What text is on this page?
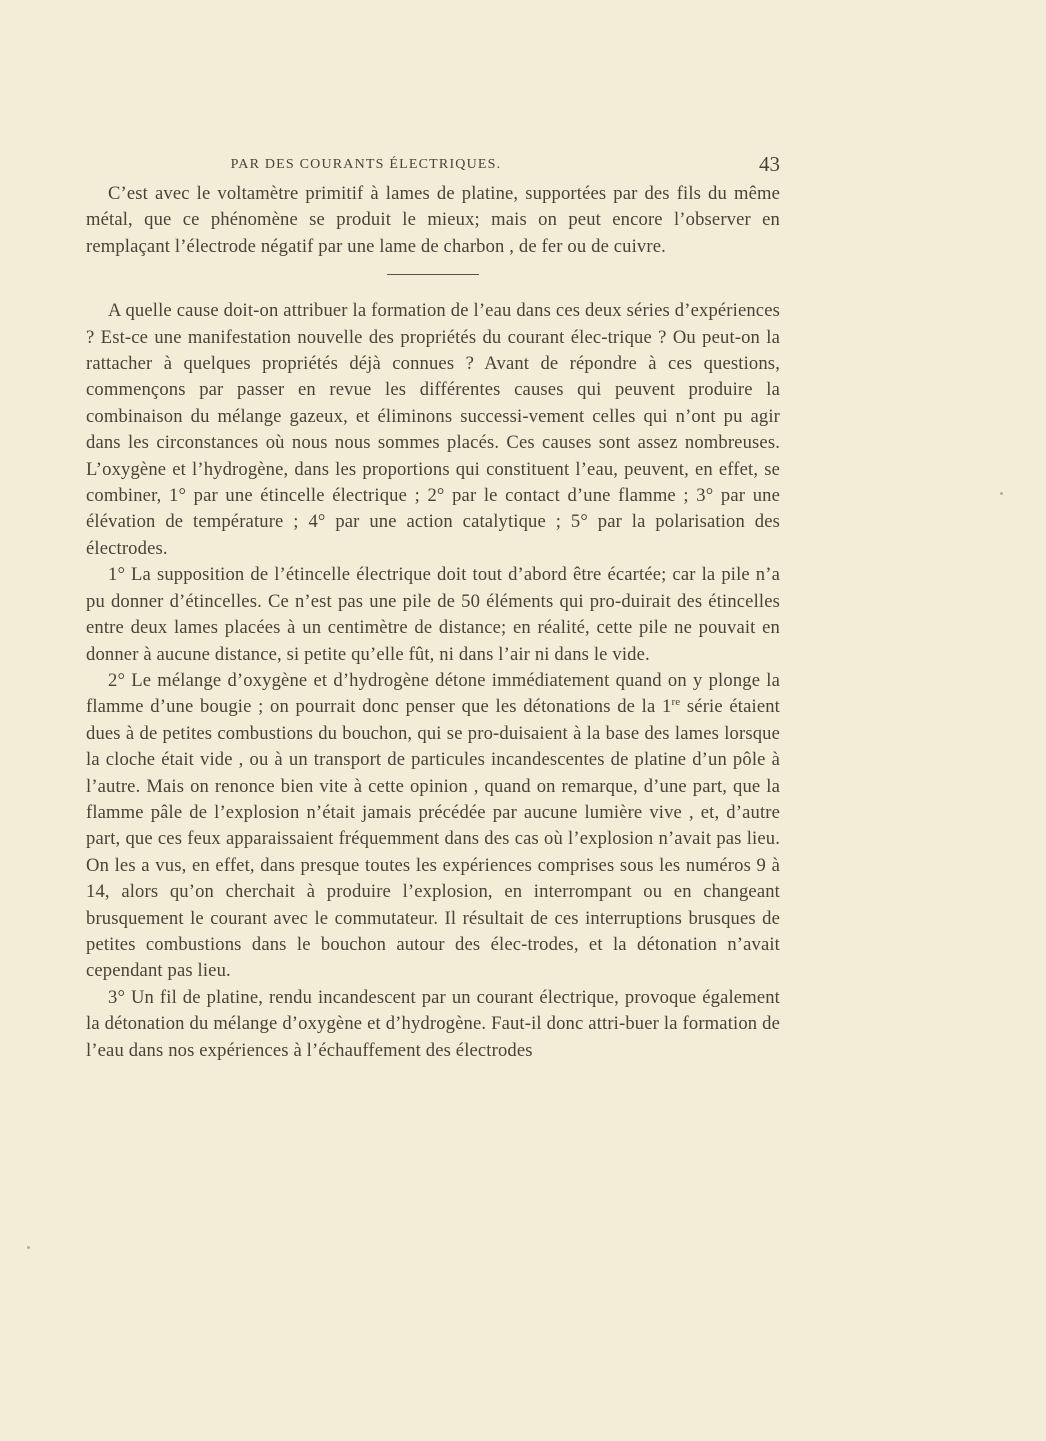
PAR DES COURANTS ÉLECTRIQUES.	43

C’est avec le voltamètre primitif à lames de platine, supportées par des fils du même métal, que ce phénomène se produit le mieux; mais on peut encore l’observer en remplaçant l’électrode négatif par une lame de charbon , de fer ou de cuivre.

A quelle cause doit-on attribuer la formation de l’eau dans ces deux séries d’expériences ? Est-ce une manifestation nouvelle des propriétés du courant élec-trique ? Ou peut-on la rattacher à quelques propriétés déjà connues ? Avant de répondre à ces questions, commençons par passer en revue les différentes causes qui peuvent produire la combinaison du mélange gazeux, et éliminons successi-vement celles qui n’ont pu agir dans les circonstances où nous nous sommes placés. Ces causes sont assez nombreuses. L’oxygène et l’hydrogène, dans les proportions qui constituent l’eau, peuvent, en effet, se combiner, 1° par une étincelle électrique ; 2° par le contact d’une flamme ; 3° par une élévation de température ; 4° par une action catalytique ; 5° par la polarisation des électrodes.

1° La supposition de l’étincelle électrique doit tout d’abord être écartée; car la pile n’a pu donner d’étincelles. Ce n’est pas une pile de 50 éléments qui pro-duirait des étincelles entre deux lames placées à un centimètre de distance; en réalité, cette pile ne pouvait en donner à aucune distance, si petite qu’elle fût, ni dans l’air ni dans le vide.

2° Le mélange d’oxygène et d’hydrogène détone immédiatement quand on y plonge la flamme d’une bougie ; on pourrait donc penser que les détonations de la 1re série étaient dues à de petites combustions du bouchon, qui se pro-duisaient à la base des lames lorsque la cloche était vide , ou à un transport de particules incandescentes de platine d’un pôle à l’autre. Mais on renonce bien vite à cette opinion , quand on remarque, d’une part, que la flamme pâle de l’explosion n’était jamais précédée par aucune lumière vive , et, d’autre part, que ces feux apparaissaient fréquemment dans des cas où l’explosion n’avait pas lieu. On les a vus, en effet, dans presque toutes les expériences comprises sous les numéros 9 à 14, alors qu’on cherchait à produire l’explosion, en interrompant ou en changeant brusquement le courant avec le commutateur. Il résultait de ces interruptions brusques de petites combustions dans le bouchon autour des élec-trodes, et la détonation n’avait cependant pas lieu.

3° Un fil de platine, rendu incandescent par un courant électrique, provoque également la détonation du mélange d’oxygène et d’hydrogène. Faut-il donc attri-buer la formation de l’eau dans nos expériences à l’échauffement des électrodes
